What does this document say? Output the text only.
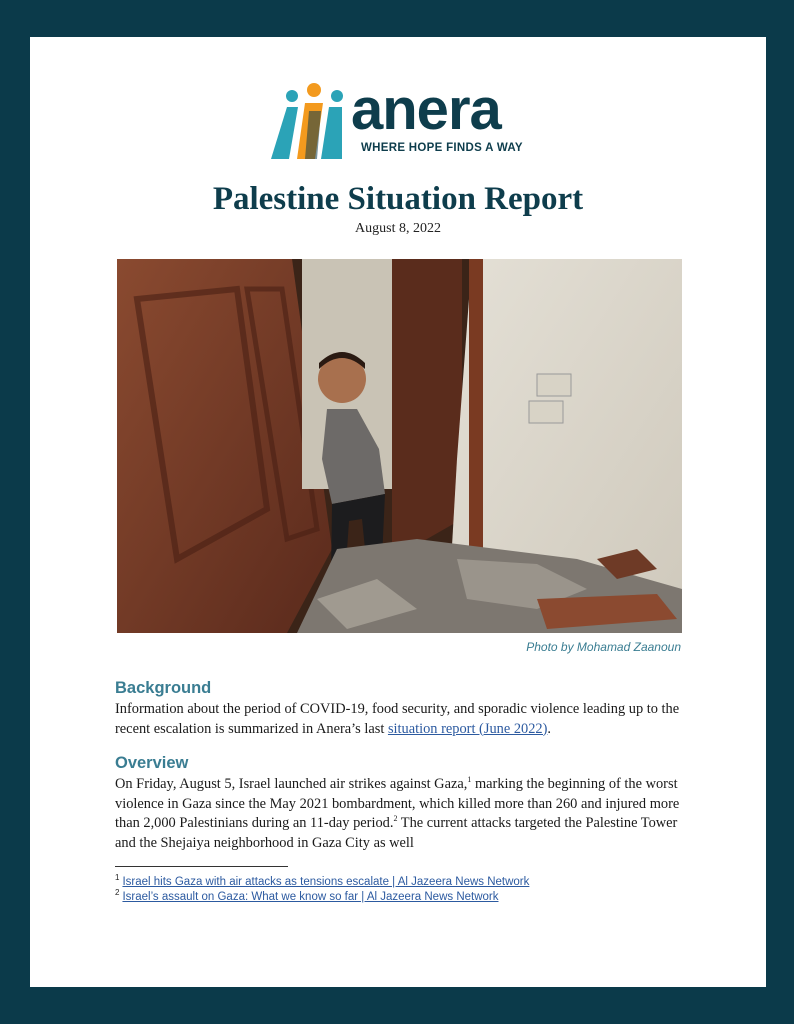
anera
WHERE HOPE FINDS A WAY
Palestine Situation Report
August 8, 2022
Photo by Mohamad Zaanoun
Background

Information about the period of COVID-19, food security, and sporadic violence leading up to the recent escalation is summarized in Anera’s last situation report (June 2022).

Overview

On Friday, August 5, Israel launched air strikes against Gaza,$^1$ marking the beginning of the worst violence in Gaza since the May 2021 bombardment, which killed more than 260 and injured more than 2,000 Palestinians during an 11-day period.$^2$ The current attacks targeted the Palestine Tower and the Shejaiya neighborhood in Gaza City as well

$^1$ Israel hits Gaza with air attacks as tensions escalate | Al Jazeera News Network
$^2$ Israel’s assault on Gaza: What we know so far | Al Jazeera News Network
